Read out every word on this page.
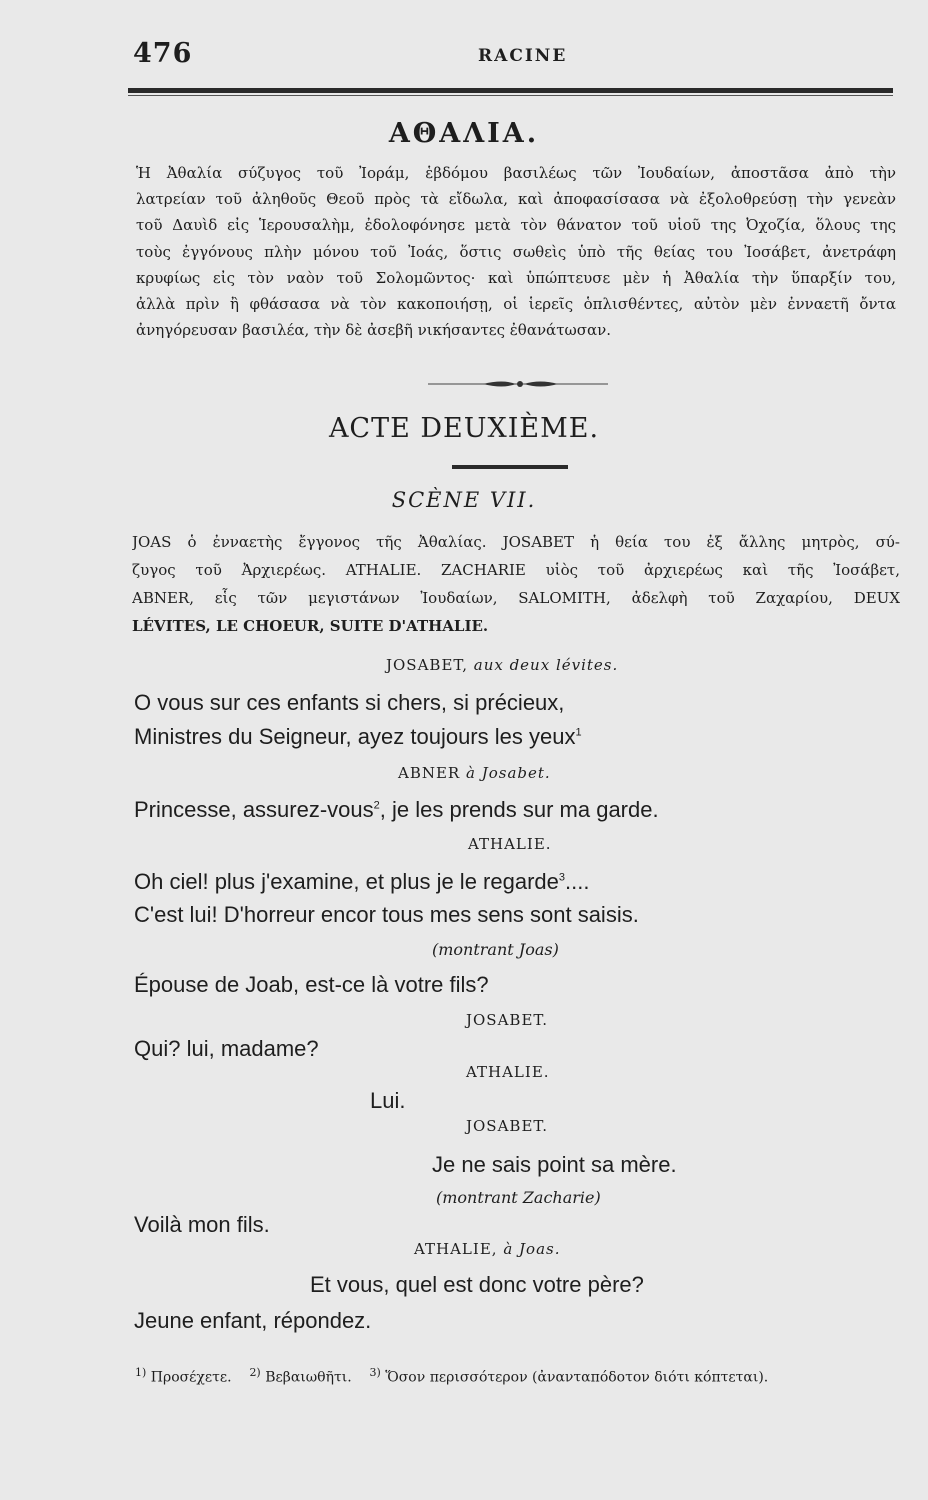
476	RACINE
ΑΘΑΛΙΑ.
Ἡ Ἀθαλία σύζυγος τοῦ Ἰοράμ, ἑβδόμου βασιλέως τῶν Ἰουδαίων, ἀποστᾶσα ἀπὸ τὴν
λατρείαν τοῦ ἀληθοῦς Θεοῦ πρὸς τὰ εἴδωλα, καὶ ἀποφασίσασα νὰ ἐξολοθρεύσῃ τὴν γενεὰν
τοῦ Δαυὶδ εἰς Ἱερουσαλὴμ, ἐδολοφόνησε μετὰ τὸν θάνατον τοῦ υἱοῦ της Ὀχοζία, ὅλους της
τοὺς ἐγγόνους πλὴν μόνου τοῦ Ἰοάς, ὅστις σωθεὶς ὑπὸ τῆς θείας του Ἰοσάβετ, ἀνετράφη
κρυφίως εἰς τὸν ναὸν τοῦ Σολομῶντος· καὶ ὑπώπτευσε μὲν ἡ Ἀθαλία τὴν ὕπαρξίν του,
ἀλλὰ πρὶν ἢ φθάσασα νὰ τὸν κακοποιήσῃ, οἱ ἱερεῖς ὁπλισθέντες, αὐτὸν μὲν ἐνναετῆ ὄντα
ἀνηγόρευσαν βασιλέα, τὴν δὲ ἀσεβῆ νικήσαντες ἐθανάτωσαν.
ACTE DEUXIÈME.
SCÈNE VII.
JOAS ὁ ἐνναετὴς ἔγγονος τῆς Ἀθαλίας. JOSABET ἡ θεία του ἐξ ἄλλης μητρὸς, σύ-
ζυγος τοῦ Ἀρχιερέως. ATHALIE. ZACHARIE υἱὸς τοῦ ἀρχιερέως καὶ τῆς Ἰοσάβετ,
ABNER, εἷς τῶν μεγιστάνων Ἰουδαίων, SALOMITH, ἀδελφὴ τοῦ Ζαχαρίου, DEUX
LÉVITES, LE CHOEUR, SUITE D'ATHALIE.
JOSABET, aux deux lévites.
O vous sur ces enfants si chers, si précieux,
Ministres du Seigneur, ayez toujours les yeux$^1$
ABNER à Josabet.
Princesse, assurez-vous$^2$, je les prends sur ma garde.
ATHALIE.
Oh ciel! plus j'examine, et plus je le regarde$^3$....
C'est lui! D'horreur encor tous mes sens sont saisis.
(montrant Joas)
Épouse de Joab, est-ce là votre fils?
JOSABET.
Qui? lui, madame?
ATHALIE.
Lui.
JOSABET.
Je ne sais point sa mère.
(montrant Zacharie)
Voilà mon fils.
ATHALIE, à Joas.
Et vous, quel est donc votre père?
Jeune enfant, répondez.
$^{1)}$ Προσέχετε. $^{2)}$ Βεβαιωθῆτι. $^{3)}$ Ὅσον περισσότερον (ἀνανταπόδοτον διότι κόπτεται).
